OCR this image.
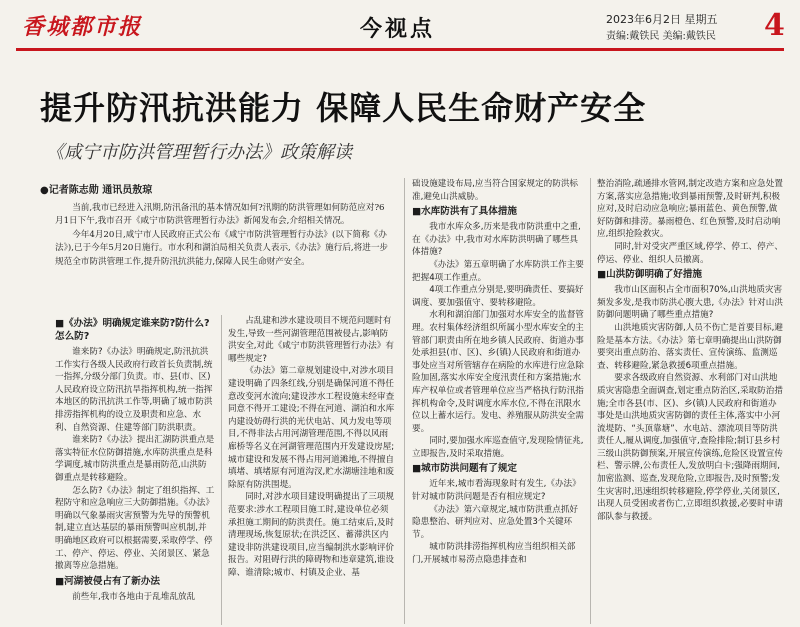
香城都市报	今视点	2023年6月2日 星期五
责编:戴铁民 美编:戴铁民 4
提升防汛抗洪能力 保障人民生命财产安全
《咸宁市防洪管理暂行办法》政策解读
●记者陈志勋 通讯员敖琼

当前,我市已经进入汛期,防汛备汛的基本情况如何?汛期的防洪管理如何防范应对?6月1日下午,我市召开《咸宁市防洪管理暂行办法》新闻发布会,介绍相关情况。

今年4月20日,咸宁市人民政府正式公布《咸宁市防洪管理暂行办法》(以下简称《办法》),已于今年5月20日施行。市水利和湖泊局相关负责人表示,《办法》施行后,将进一步规范全市防洪管理工作,提升防汛抗洪能力,保障人民生命财产安全。

■《办法》明确规定谁来防?防什么?怎么防?

谁来防?《办法》明确规定,防汛抗洪工作实行各级人民政府行政首长负责制,统一指挥,分级分部门负责。市、县(市、区)人民政府设立防汛抗旱指挥机构,统一指挥本地区的防汛抗洪工作等,明确了城市防洪排涝指挥机构的设立及职责和应急、水利、自然资源、住建等部门防洪职责。

谁来防?《办法》提出汇湖防洪重点是落实特征水位防御措施,水库防洪重点是科学调度,城市防洪重点是暴雨防范,山洪防御重点是转移避险。

怎么防?《办法》制定了组织指挥、工程防守和应急响应三大防御措施。《办法》明确以气象暴雨灾害预警为先导的预警机制,建立直达基层的暴雨预警叫应机制,并明确地区政府可以根据需要,采取停学、停工、停产、停运、停业、关闭景区、紧急撤离等应急措施。

■河湖被侵占有了新办法

前些年,我市各地由于乱堆乱放乱

占乱建和涉水建设项目不规范问题时有发生,导致一些河湖管理范围被侵占,影响防洪安全,对此《咸宁市防洪管理暂行办法》有哪些规定?

《办法》第二章规划建设中,对涉水项目建设明确了四条红线,分别是确保河道不得任意改变河水流向;建设涉水工程设施未经审查同意不得开工建设;不得在河道、湖泊和水库内建设妨碍行洪的光伏电站、风力发电等项目,不得非法占用河湖管理范围,不得以风雨廊桥等名义在河湖管理范围内开发建设房屋;城市建设和发展不得占用河道滩地,不得擅自填堵、填堵原有河道沟汊,贮水湖塘洼地和废除原有防洪围堤。

同时,对涉水项目建设明确提出了三项规范要求:涉水工程项目施工时,建设单位必须承担施工期间的防洪责任。施工结束后,及时清理现场,恢复原状;在洪泛区、蓄滞洪区内建设非防洪建设项目,应当编制洪水影响评价报告。对阻碍行洪的障碍物和违章建筑,谁设障、谁清除;城市、村镇及企业、基

础设施建设布局,应当符合国家规定的防洪标准,避免山洪威胁。

■水库防洪有了具体措施

我市水库众多,历来是我市防洪重中之重,在《办法》中,我市对水库防洪明确了哪些具体措施?

《办法》第五章明确了水库防洪工作主要把握4项工作重点。

4项工作重点分别是,要明确责任、要搞好调度、要加强值守、要转移避险。

水利和湖泊部门加强对水库安全的监督管理。农村集体经济组织所属小型水库安全的主管部门职责由所在地乡镇人民政府、街道办事处承担县(市、区)、乡(镇)人民政府和街道办事处应当对所管辖存在病险的水库进行应急除险加固,落实水库安全度汛责任和方案措施;水库产权单位或者管理单位应当严格执行防汛指挥机构命令,及时调度水库水位,不得在汛限水位以上蓄水运行。发电、养殖服从防洪安全需要。

同时,要加强水库巡查值守,发现险情征兆,立即报告,及时采取措施。

■城市防洪问题有了规定

近年来,城市看海现象时有发生,《办法》针对城市防洪问题是否有相应规定?

《办法》第六章规定,城市防洪重点抓好隐患整治、研判应对、应急处置3个关键环节。

城市防洪排涝指挥机构应当组织相关部门,开展城市易涝点隐患排查和

整治消险,疏通排水管网,制定改造方案和应急处置方案,落实应急措施;收到暴雨预警,及时研判,积极应对,及时启动应急响应;暴雨蓝色、黄色预警,做好防御和排涝。暴雨橙色、红色预警,及时启动响应,组织抢险救灾。

同时,针对受灾严重区域,停学、停工、停产、停运、停业、组织人员撤离。

■山洪防御明确了好措施

我市山区面积占全市面积70%,山洪地质灾害频发多发,是我市防洪心腹大患,《办法》针对山洪防御问题明确了哪些重点措施?

山洪地质灾害防御,人员不伤亡是首要目标,避险是基本方法。《办法》第七章明确提出山洪防御要突出重点防治、落实责任、宣传演练、监测巡查、转移避险,紧急救援6项重点措施。

要求各级政府自然资源、水利部门对山洪地质灾害隐患全面调查,划定重点防治区,采取防治措施;全市各县(市、区)、乡(镇)人民政府和街道办事处是山洪地质灾害防御的责任主体,落实中小河流堤防、“头顶靠塘”、水电站、漂流项目等防洪责任人,履从调度,加强值守,查险排险;制订县乡村三级山洪防御预案,开展宣传演练,危险区设置宣传栏、警示牌,公布责任人,发放明白卡;强降雨期间,加密监测、巡查,发现危险,立即报告,及时预警;发生灾害时,迅速组织转移避险,停学停业,关闭景区,出现人员受困或者伤亡,立即组织救援,必要时申请部队参与救援。
